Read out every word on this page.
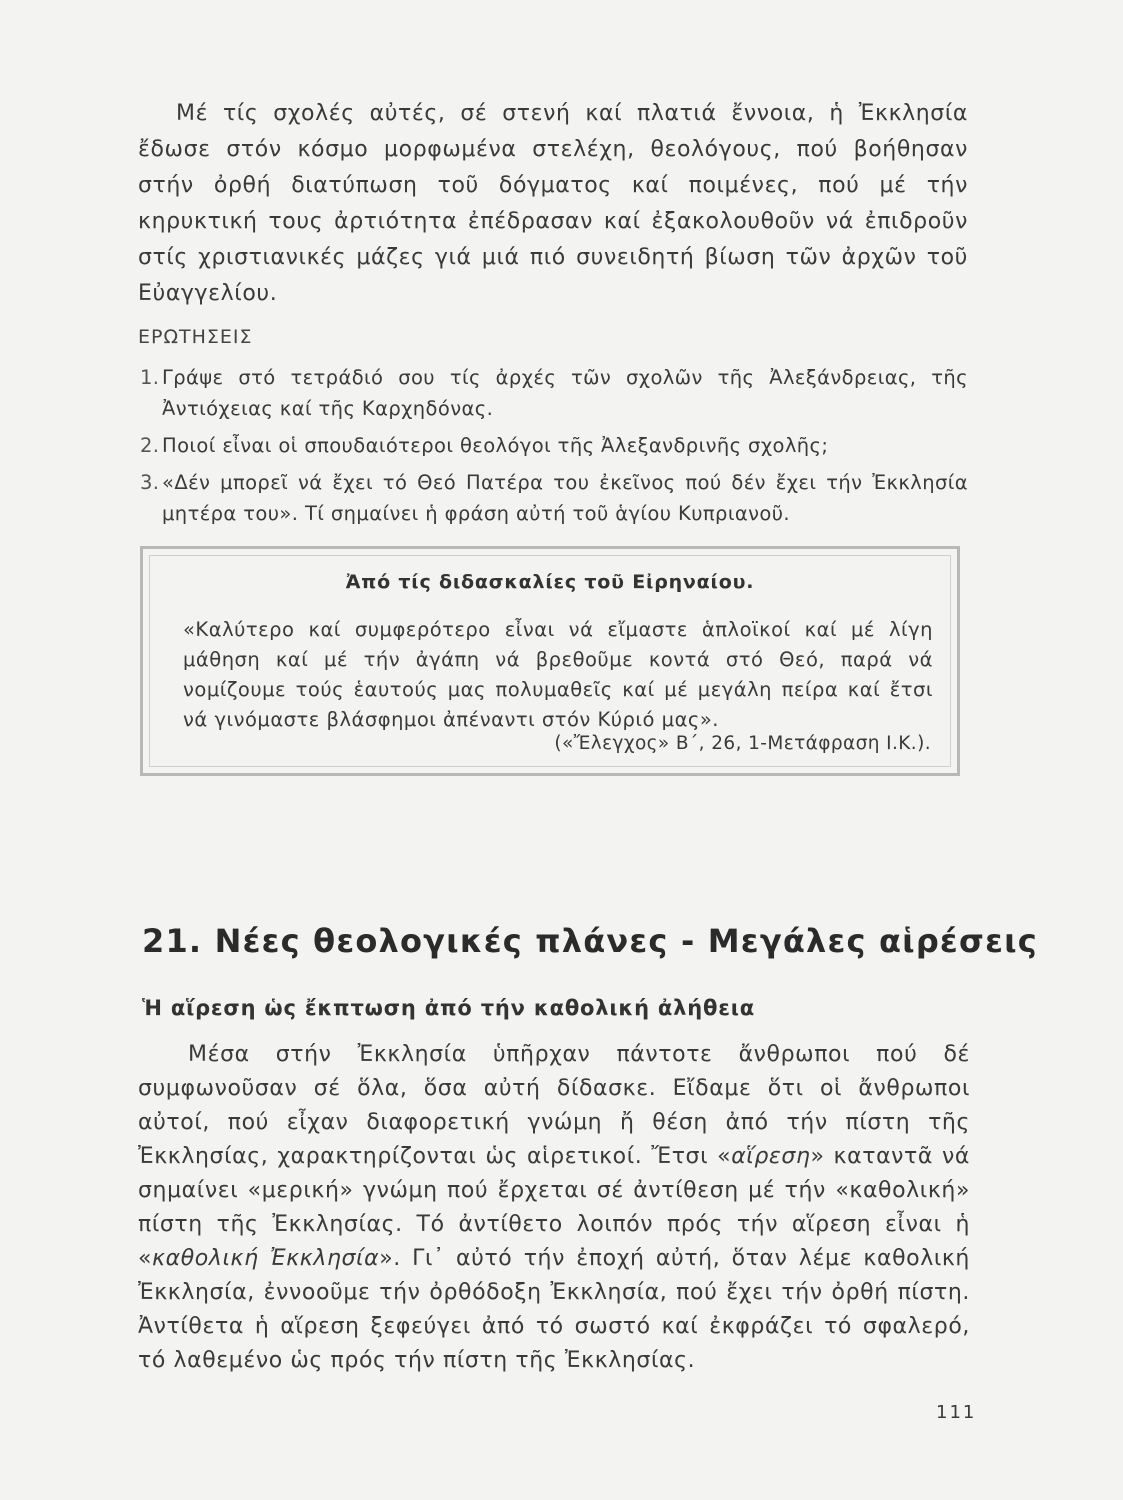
Μέ τίς σχολές αὐτές, σέ στενή καί πλατιά ἔννοια, ἡ Ἐκκλησία ἔδωσε στόν κόσμο μορφωμένα στελέχη, θεολόγους, πού βοήθησαν στήν ὀρθή διατύπωση τοῦ δόγματος καί ποιμένες, πού μέ τήν κηρυκτική τους ἀρτιότητα ἐπέδρασαν καί ἐξακολουθοῦν νά ἐπιδροῦν στίς χριστιανικές μάζες γιά μιά πιό συνειδητή βίωση τῶν ἀρχῶν τοῦ Εὐαγγελίου.

ΕΡΩΤΗΣΕΙΣ

1. Γράψε στό τετράδιό σου τίς ἀρχές τῶν σχολῶν τῆς Ἀλεξάνδρειας, τῆς Ἀντιόχειας καί τῆς Καρχηδόνας.
2. Ποιοί εἶναι οἱ σπουδαιότεροι θεολόγοι τῆς Ἀλεξανδρινῆς σχολῆς;
3. «Δέν μπορεῖ νά ἔχει τό Θεό Πατέρα του ἐκεῖνος πού δέν ἔχει τήν Ἐκκλησία μητέρα του». Τί σημαίνει ἡ φράση αὐτή τοῦ ἁγίου Κυπριανοῦ.

Ἀπό τίς διδασκαλίες τοῦ Εἰρηναίου.

«Καλύτερο καί συμφερότερο εἶναι νά εἴμαστε ἁπλοϊκοί καί μέ λίγη μάθηση καί μέ τήν ἀγάπη νά βρεθοῦμε κοντά στό Θεό, παρά νά νομίζουμε τούς ἑαυτούς μας πολυμαθεῖς καί μέ μεγάλη πείρα καί ἔτσι νά γινόμαστε βλάσφημοι ἀπέναντι στόν Κύριό μας».

(«Ἔλεγχος» Β΄, 26, 1-Μετάφραση Ι.Κ.).

21. Νέες θεολογικές πλάνες - Μεγάλες αἱρέσεις
Ἡ αἵρεση ὡς ἔκπτωση ἀπό τήν καθολική ἀλήθεια

Μέσα στήν Ἐκκλησία ὑπῆρχαν πάντοτε ἄνθρωποι πού δέ συμφωνοῦσαν σέ ὅλα, ὅσα αὐτή δίδασκε. Εἴδαμε ὅτι οἱ ἄνθρωποι αὐτοί, πού εἶχαν διαφορετική γνώμη ἤ θέση ἀπό τήν πίστη τῆς Ἐκκλησίας, χαρακτηρίζονται ὡς αἱρετικοί. Ἔτσι «αἵρεση» καταντᾶ νά σημαίνει «μερική» γνώμη πού ἔρχεται σέ ἀντίθεση μέ τήν «καθολική» πίστη τῆς Ἐκκλησίας. Τό ἀντίθετο λοιπόν πρός τήν αἵρεση εἶναι ἡ «καθολική Ἐκκλησία». Γι᾿ αὐτό τήν ἐποχή αὐτή, ὅταν λέμε καθολική Ἐκκλησία, ἐννοοῦμε τήν ὀρθόδοξη Ἐκκλησία, πού ἔχει τήν ὀρθή πίστη. Ἀντίθετα ἡ αἵρεση ξεφεύγει ἀπό τό σωστό καί ἐκφράζει τό σφαλερό, τό λαθεμένο ὡς πρός τήν πίστη τῆς Ἐκκλησίας.

111
